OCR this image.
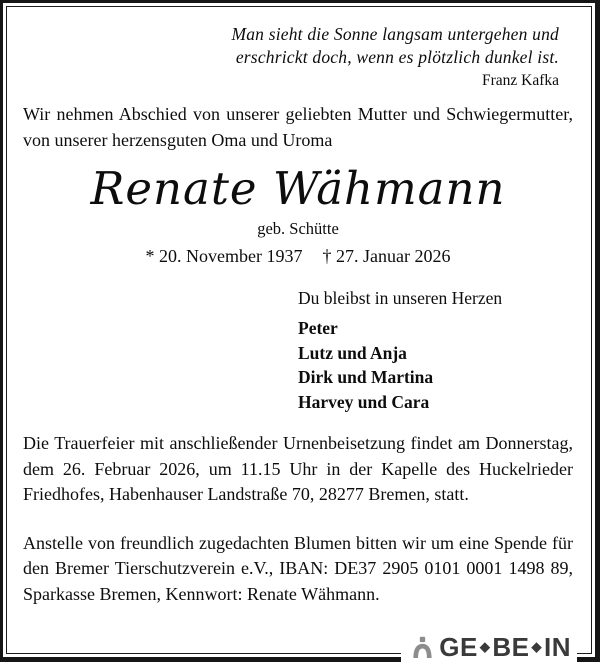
Man sieht die Sonne langsam untergehen und
erschrickt doch, wenn es plötzlich dunkel ist.
Franz Kafka

Wir nehmen Abschied von unserer geliebten Mutter und Schwiegermutter, von unserer herzensguten Oma und Uroma

Renate Wähmann
geb. Schütte
* 20. November 1937 † 27. Januar 2026
Du bleibst in unseren Herzen
Peter
Lutz und Anja
Dirk und Martina
Harvey und Cara

Die Trauerfeier mit anschließender Urnenbeisetzung findet am Donnerstag, dem 26. Februar 2026, um 11.15 Uhr in der Kapelle des Huckelrieder Friedhofes, Habenhauser Landstraße 70, 28277 Bremen, statt.

Anstelle von freundlich zugedachten Blumen bitten wir um eine Spende für den Bremer Tierschutzverein e.V., IBAN: DE37 2905 0101 0001 1498 89, Sparkasse Bremen, Kennwort: Renate Wähmann.

GE ◆ BE ◆ IN
